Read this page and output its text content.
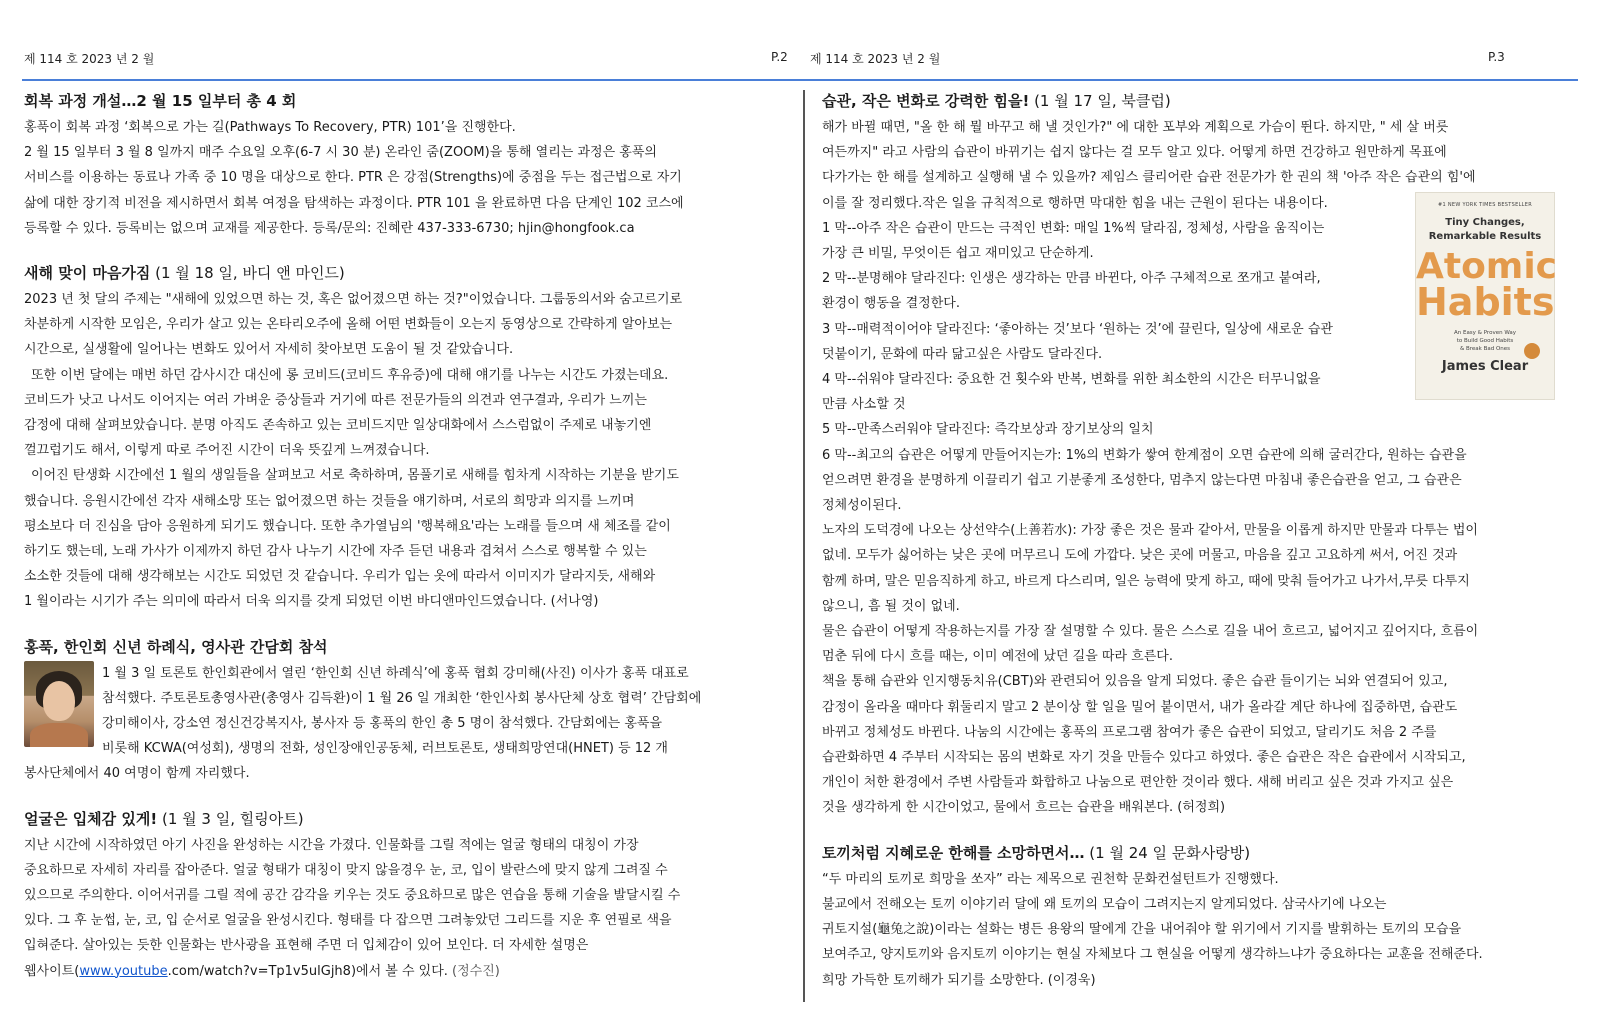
제 114 호 2023 년 2 월	P.2 제 114 호 2023 년 2 월	P.3
회복 과정 개설…2 월 15 일부터 총 4 회

홍푹이 회복 과정 ‘회복으로 가는 길(Pathways To Recovery, PTR) 101’을 진행한다.

2 월 15 일부터 3 월 8 일까지 매주 수요일 오후(6-7 시 30 분) 온라인 줌(ZOOM)을 통해 열리는 과정은 홍푹의

서비스를 이용하는 동료나 가족 중 10 명을 대상으로 한다. PTR 은 강점(Strengths)에 중점을 두는 접근법으로 자기

삶에 대한 장기적 비전을 제시하면서 회복 여정을 탐색하는 과정이다. PTR 101 을 완료하면 다음 단계인 102 코스에

등록할 수 있다. 등록비는 없으며 교재를 제공한다. 등록/문의: 진혜란 437-333-6730; hjin@hongfook.ca

새해 맞이 마음가짐 (1 월 18 일, 바디 앤 마인드)

2023 년 첫 달의 주제는 "새해에 있었으면 하는 것, 혹은 없어졌으면 하는 것?"이었습니다. 그룹동의서와 숨고르기로

차분하게 시작한 모임은, 우리가 살고 있는 온타리오주에 올해 어떤 변화들이 오는지 동영상으로 간략하게 알아보는

시간으로, 실생활에 일어나는 변화도 있어서 자세히 찾아보면 도움이 될 것 같았습니다.

또한 이번 달에는 매번 하던 감사시간 대신에 롱 코비드(코비드 후유증)에 대해 얘기를 나누는 시간도 가졌는데요.

코비드가 낫고 나서도 이어지는 여러 가벼운 증상들과 거기에 따른 전문가들의 의견과 연구결과, 우리가 느끼는

감정에 대해 살펴보았습니다. 분명 아직도 존속하고 있는 코비드지만 일상대화에서 스스럼없이 주제로 내놓기엔

껄끄럽기도 해서, 이렇게 따로 주어진 시간이 더욱 뜻깊게 느껴졌습니다.

이어진 탄생화 시간에선 1 월의 생일들을 살펴보고 서로 축하하며, 몸풀기로 새해를 힘차게 시작하는 기분을 받기도

했습니다. 응원시간에선 각자 새해소망 또는 없어졌으면 하는 것들을 얘기하며, 서로의 희망과 의지를 느끼며

평소보다 더 진심을 담아 응원하게 되기도 했습니다. 또한 추가열님의 '행복해요'라는 노래를 들으며 새 체조를 같이

하기도 했는데, 노래 가사가 이제까지 하던 감사 나누기 시간에 자주 듣던 내용과 겹쳐서 스스로 행복할 수 있는

소소한 것들에 대해 생각해보는 시간도 되었던 것 같습니다. 우리가 입는 옷에 따라서 이미지가 달라지듯, 새해와

1 월이라는 시기가 주는 의미에 따라서 더욱 의지를 갖게 되었던 이번 바디앤마인드였습니다. (서나영)

홍푹, 한인회 신년 하례식, 영사관 간담회 참석

1 월 3 일 토론토 한인회관에서 열린 ‘한인회 신년 하례식’에 홍푹 협회 강미해(사진) 이사가 홍푹 대표로

참석했다. 주토론토총영사관(총영사 김득환)이 1 월 26 일 개최한 ‘한인사회 봉사단체 상호 협력’ 간담회에

강미해이사, 강소연 정신건강복지사, 봉사자 등 홍푹의 한인 총 5 명이 참석했다. 간담회에는 홍푹을

비롯해 KCWA(여성회), 생명의 전화, 성인장애인공동체, 러브토론토, 생태희망연대(HNET) 등 12 개

봉사단체에서 40 여명이 함께 자리했다.

얼굴은 입체감 있게! (1 월 3 일, 힐링아트)

지난 시간에 시작하였던 아기 사진을 완성하는 시간을 가졌다. 인물화를 그릴 적에는 얼굴 형태의 대칭이 가장

중요하므로 자세히 자리를 잡아준다. 얼굴 형태가 대칭이 맞지 않을경우 눈, 코, 입이 발란스에 맞지 않게 그려질 수

있으므로 주의한다. 이어서귀를 그릴 적에 공간 감각을 키우는 것도 중요하므로 많은 연습을 통해 기술을 발달시킬 수

있다. 그 후 눈썹, 눈, 코, 입 순서로 얼굴을 완성시킨다. 형태를 다 잡으면 그려놓았던 그리드를 지운 후 연필로 색을

입혀준다. 살아있는 듯한 인물화는 반사광을 표현해 주면 더 입체감이 있어 보인다. 더 자세한 설명은

웹사이트(www.youtube.com/watch?v=Tp1v5ulGjh8)에서 볼 수 있다. (정수진)

습관, 작은 변화로 강력한 힘을! (1 월 17 일, 북클럽)

해가 바뀔 때면, "올 한 해 뭘 바꾸고 해 낼 것인가?" 에 대한 포부와 계획으로 가슴이 뛴다. 하지만, " 세 살 버릇

여든까지" 라고 사람의 습관이 바뀌기는 쉽지 않다는 걸 모두 알고 있다. 어떻게 하면 건강하고 원만하게 목표에

다가가는 한 해를 설계하고 실행해 낼 수 있을까? 제임스 클리어란 습관 전문가가 한 권의 책 '아주 작은 습관의 힘'에

이를 잘 정리했다.작은 일을 규칙적으로 행하면 막대한 힘을 내는 근원이 된다는 내용이다.

1 막--아주 작은 습관이 만드는 극적인 변화: 매일 1%씩 달라짐, 정체성, 사람을 움직이는

가장 큰 비밀, 무엇이든 쉽고 재미있고 단순하게.

2 막--분명해야 달라진다: 인생은 생각하는 만큼 바뀐다, 아주 구체적으로 쪼개고 붙여라,

환경이 행동을 결정한다.

3 막--매력적이어야 달라진다: ‘좋아하는 것’보다 ‘원하는 것’에 끌린다, 일상에 새로운 습관

덧붙이기, 문화에 따라 닮고싶은 사람도 달라진다.

4 막--쉬워야 달라진다: 중요한 건 횟수와 반복, 변화를 위한 최소한의 시간은 터무니없을

만큼 사소할 것

5 막--만족스러워야 달라진다: 즉각보상과 장기보상의 일치

6 막--최고의 습관은 어떻게 만들어지는가: 1%의 변화가 쌓여 한계점이 오면 습관에 의해 굴러간다, 원하는 습관을

얻으려면 환경을 분명하게 이끌리기 쉽고 기분좋게 조성한다, 멈추지 않는다면 마침내 좋은습관을 얻고, 그 습관은

정체성이된다.

노자의 도덕경에 나오는 상선약수(上善若水): 가장 좋은 것은 물과 같아서, 만물을 이롭게 하지만 만물과 다투는 법이

없네. 모두가 싫어하는 낮은 곳에 머무르니 도에 가깝다. 낮은 곳에 머물고, 마음을 깊고 고요하게 써서, 어진 것과

함께 하며, 말은 믿음직하게 하고, 바르게 다스리며, 일은 능력에 맞게 하고, 때에 맞춰 들어가고 나가서,무릇 다투지

않으니, 흠 될 것이 없네.

물은 습관이 어떻게 작용하는지를 가장 잘 설명할 수 있다. 물은 스스로 길을 내어 흐르고, 넓어지고 깊어지다, 흐름이

멈춘 뒤에 다시 흐를 때는, 이미 예전에 났던 길을 따라 흐른다.

책을 통해 습관와 인지행동치유(CBT)와 관련되어 있음을 알게 되었다. 좋은 습관 들이기는 뇌와 연결되어 있고,

감정이 올라올 때마다 휘둘리지 말고 2 분이상 할 일을 밀어 붙이면서, 내가 올라갈 계단 하나에 집중하면, 습관도

바뀌고 정체성도 바뀐다. 나눔의 시간에는 홍푹의 프로그램 참여가 좋은 습관이 되었고, 달리기도 처음 2 주를

습관화하면 4 주부터 시작되는 몸의 변화로 자기 것을 만들수 있다고 하였다. 좋은 습관은 작은 습관에서 시작되고,

개인이 처한 환경에서 주변 사람들과 화합하고 나눔으로 편안한 것이라 했다. 새해 버리고 싶은 것과 가지고 싶은

것을 생각하게 한 시간이었고, 물에서 흐르는 습관을 배워본다. (허정희)

토끼처럼 지혜로운 한해를 소망하면서… (1 월 24 일 문화사랑방)

“두 마리의 토끼로 희망을 쏘자” 라는 제목으로 권천학 문화컨설턴트가 진행했다.

불교에서 전해오는 토끼 이야기러 달에 왜 토끼의 모습이 그려지는지 알게되었다. 삼국사기에 나오는

귀토지설(龜兔之說)이라는 설화는 병든 용왕의 딸에게 간을 내어줘야 할 위기에서 기지를 발휘하는 토끼의 모습을

보여주고, 양지토끼와 음지토끼 이야기는 현실 자체보다 그 현실을 어떻게 생각하느냐가 중요하다는 교훈을 전해준다.

희망 가득한 토끼해가 되기를 소망한다. (이경욱)

#1 NEW YORK TIMES BESTSELLER
Tiny Changes,
Remarkable Results
Atomic
Habits
An Easy & Proven Way
to Build Good Habits
& Break Bad Ones
James Clear
